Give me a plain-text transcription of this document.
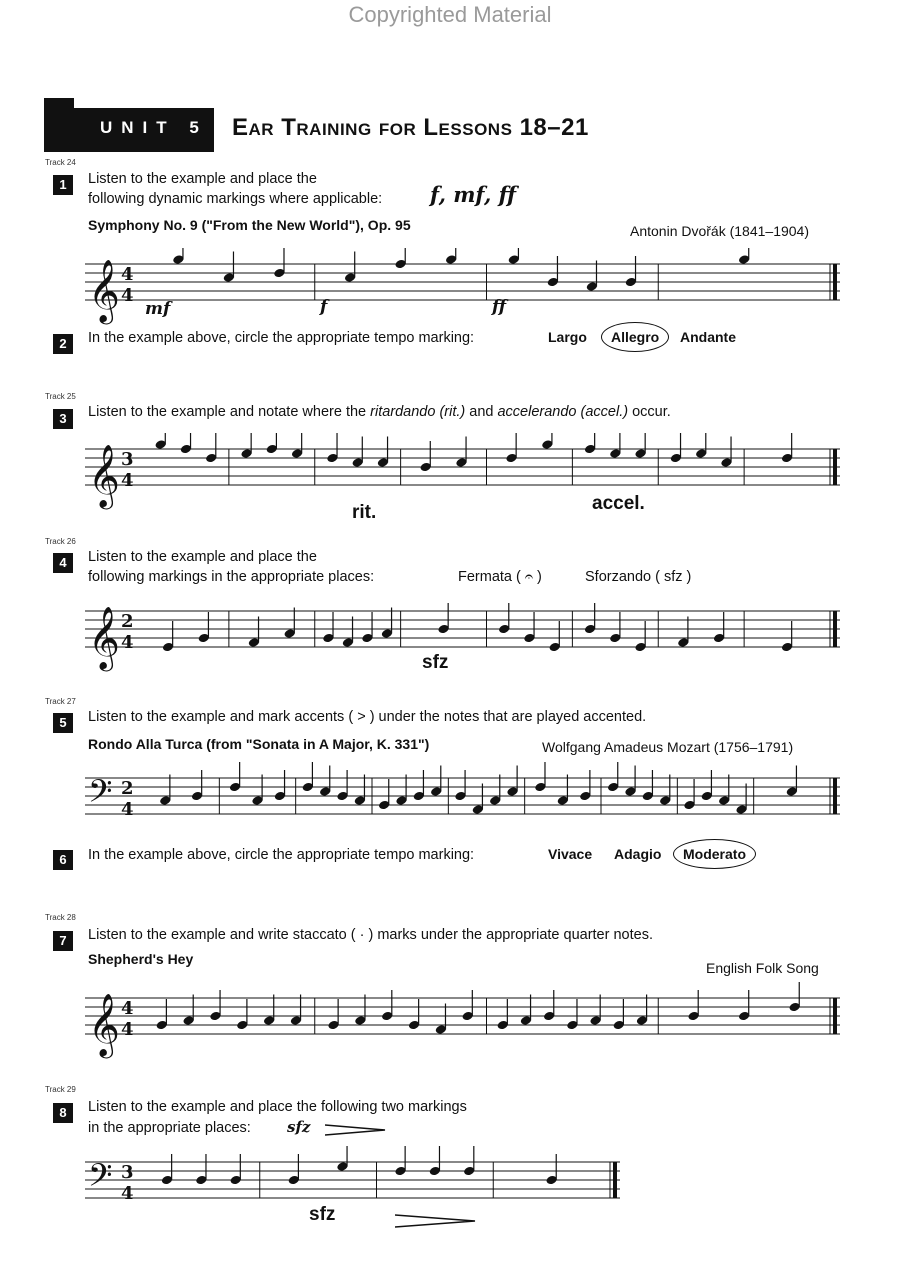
Copyrighted Material
UNIT 5 Ear Training for Lessons 18–21
Track 24
1	Listen to the example and place the
following dynamic markings where applicable: f, mf, ff
Symphony No. 9 ("From the New World"), Op. 95	Antonin Dvořák (1841–1904)
𝄞 4
4
mf	f	ff
2	In the example above, circle the appropriate tempo marking:	Largo	Allegro	Andante
Track 25
3	Listen to the example and notate where the ritardando (rit.) and accelerando (accel.) occur.
𝄞 3
4
rit.	accel.
Track 26
4	Listen to the example and place the
following markings in the appropriate places:	Fermata ( 𝄐 )	Sforzando ( sfz )
𝄞 2
4
sfz
Track 27
5	Listen to the example and mark accents ( > ) under the notes that are played accented.
Rondo Alla Turca (from "Sonata in A Major, K. 331")	Wolfgang Amadeus Mozart (1756–1791)
𝄢 2
4
6	In the example above, circle the appropriate tempo marking:	Vivace Adagio	Moderato
Track 28
7	Listen to the example and write staccato ( · ) marks under the appropriate quarter notes.
Shepherd's Hey
English Folk Song
𝄞 4
4
Track 29
8	Listen to the example and place the following two markings
in the appropriate places: sfz
𝄢 3
4
sfz
